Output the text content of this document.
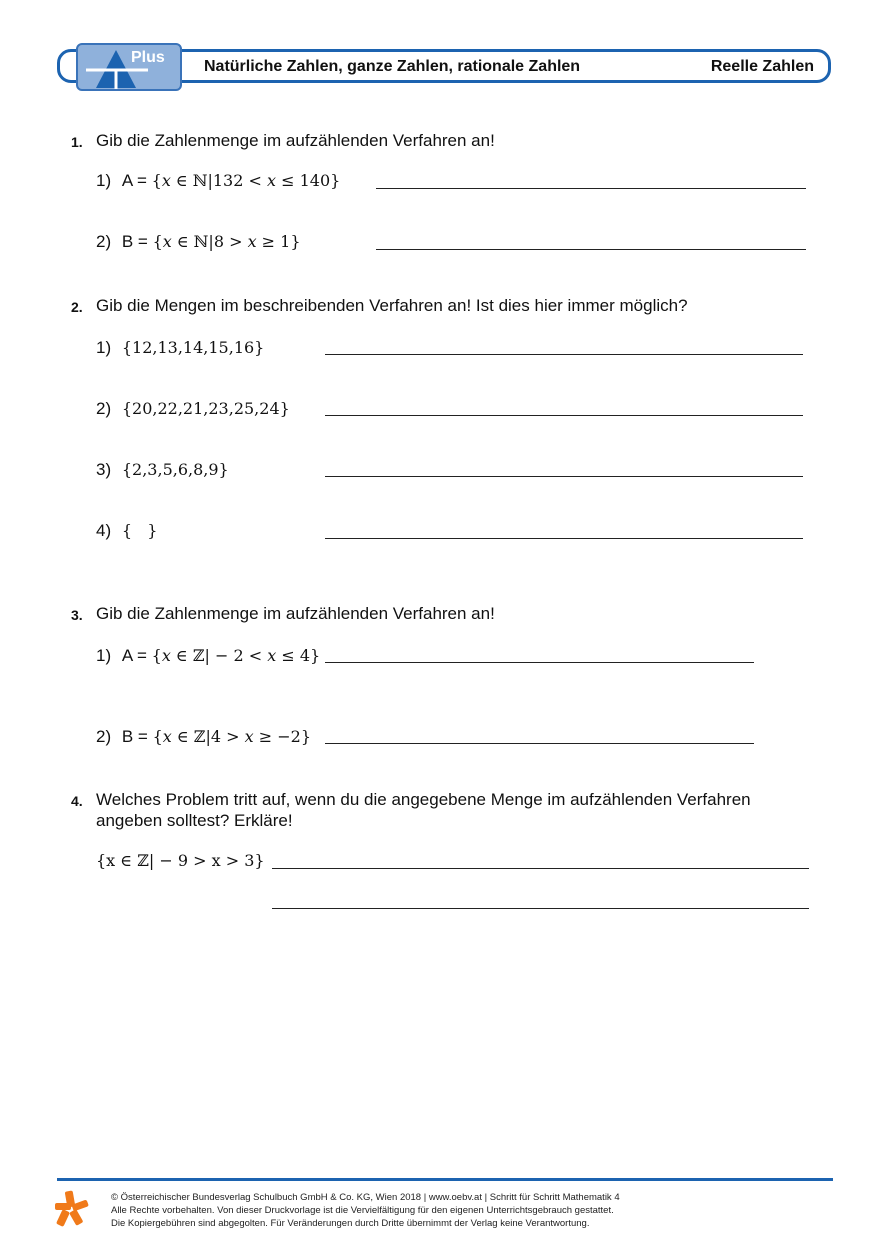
Plus
Natürliche Zahlen, ganze Zahlen, rationale Zahlen	Reelle Zahlen
1. Gib die Zahlenmenge im aufzählenden Verfahren an!
1) A = {𝑥 ∈ ℕ|132 < 𝑥 ≤ 140}
2) B = {𝑥 ∈ ℕ|8 > 𝑥 ≥ 1}
2. Gib die Mengen im beschreibenden Verfahren an! Ist dies hier immer möglich?
1) {12,13,14,15,16}
2) {20,22,21,23,25,24}
3) {2,3,5,6,8,9}
4) {   }
3. Gib die Zahlenmenge im aufzählenden Verfahren an!
1) A = {𝑥 ∈ ℤ| − 2 < 𝑥 ≤ 4}
2) B = {𝑥 ∈ ℤ|4 > 𝑥 ≥ −2}
4. Welches Problem tritt auf, wenn du die angegebene Menge im aufzählenden Verfahren angeben solltest? Erkläre!
{x ∈ ℤ| − 9 > x > 3}
© Österreichischer Bundesverlag Schulbuch GmbH & Co. KG, Wien 2018 | www.oebv.at | Schritt für Schritt Mathematik 4
Alle Rechte vorbehalten. Von dieser Druckvorlage ist die Vervielfältigung für den eigenen Unterrichtsgebrauch gestattet.
Die Kopiergebühren sind abgegolten. Für Veränderungen durch Dritte übernimmt der Verlag keine Verantwortung.
